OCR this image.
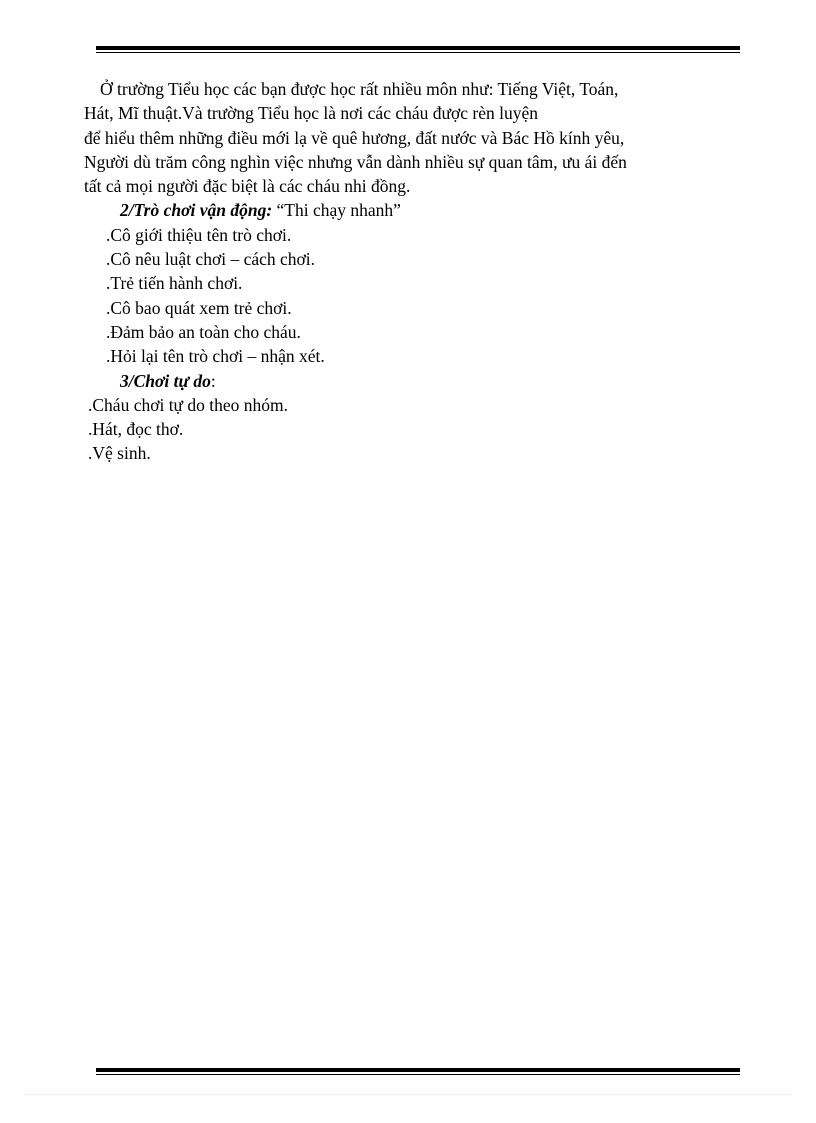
Ở trường Tiểu học các bạn được học rất nhiều môn như: Tiếng Việt, Toán,
Hát, Mĩ thuật.Và trường Tiểu học là nơi các cháu được rèn luyện
để hiểu thêm những điều mới lạ về quê hương, đất nước và Bác Hồ kính yêu,
Người dù trăm công nghìn việc nhưng vẫn dành nhiều sự quan tâm, ưu ái đến
tất cả mọi người đặc biệt là các cháu nhi đồng.
2/Trò chơi vận động: “Thi chạy nhanh”
.Cô giới thiệu tên trò chơi.
.Cô nêu luật chơi – cách chơi.
.Trẻ tiến hành chơi.
.Cô bao quát xem trẻ chơi.
.Đảm bảo an toàn cho cháu.
.Hỏi lại tên trò chơi – nhận xét.
3/Chơi tự do:
.Cháu chơi tự do theo nhóm.
.Hát, đọc thơ.
.Vệ sinh.
